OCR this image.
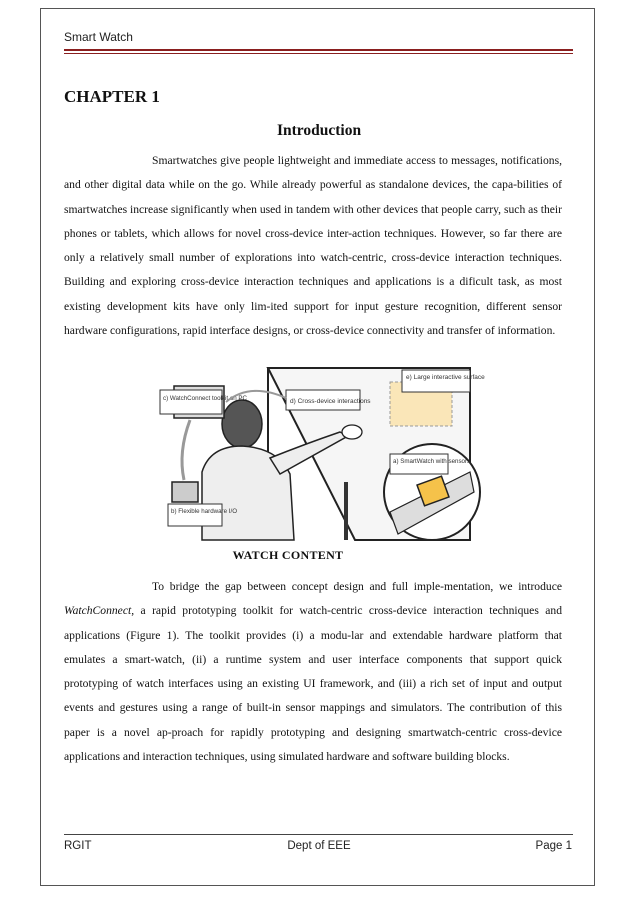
Smart Watch
CHAPTER 1
Introduction
Smartwatches give people lightweight and immediate access to messages, notifications, and other digital data while on the go. While already powerful as standalone devices, the capa-bilities of smartwatches increase significantly when used in tandem with other devices that people carry, such as their phones or tablets, which allows for novel cross-device inter-action techniques. However, so far there are only a relatively small number of explorations into watch-centric, cross-device interaction techniques. Building and exploring cross-device interaction techniques and applications is a dificult task, as most existing development kits have only lim-ited support for input gesture recognition, different sensor hardware configurations, rapid interface designs, or cross-device connectivity and transfer of information.
e) Large interactive surface
d) Cross-device interactions
c) WatchConnect toolkit on PC
b) Flexible hardware I/O
a) SmartWatch with sensors
WATCH CONTENT
To bridge the gap between concept design and full imple-mentation, we introduce WatchConnect, a rapid prototyping toolkit for watch-centric cross-device interaction techniques and applications (Figure 1). The toolkit provides (i) a modu-lar and extendable hardware platform that emulates a smart-watch, (ii) a runtime system and user interface components that support quick prototyping of watch interfaces using an existing UI framework, and (iii) a rich set of input and output events and gestures using a range of built-in sensor mappings and simulators. The contribution of this paper is a novel ap-proach for rapidly prototyping and designing smartwatch-centric cross-device applications and interaction techniques, using simulated hardware and software building blocks.
RGIT	Dept of EEE	Page 1
